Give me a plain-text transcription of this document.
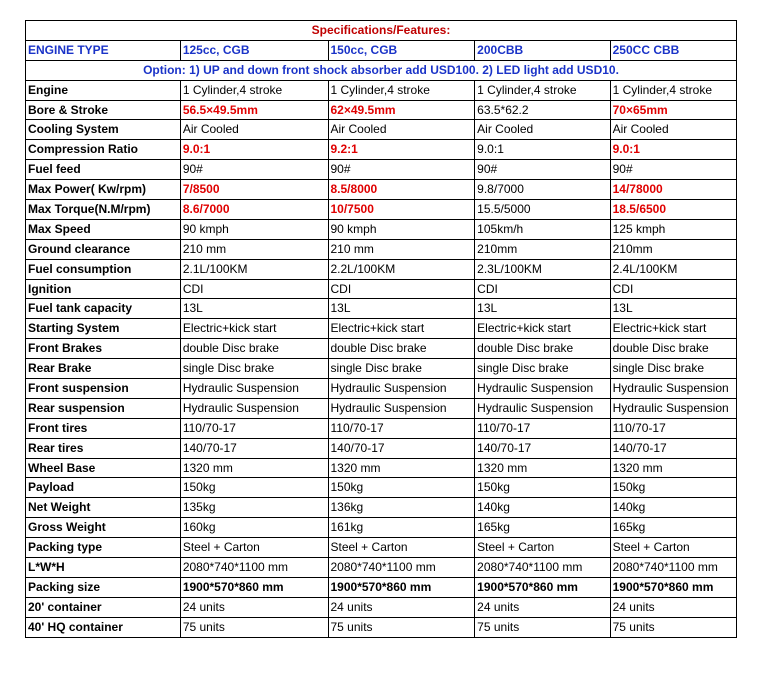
Specifications/Features:				
ENGINE TYPE	125cc, CGB	150cc, CGB	200CBB	250CC CBB
Option: 1) UP and down front shock absorber add USD100. 2) LED light add USD10.				
Engine	1 Cylinder,4 stroke	1 Cylinder,4 stroke	1 Cylinder,4 stroke	1 Cylinder,4 stroke
Bore & Stroke	56.5×49.5mm	62×49.5mm	63.5*62.2	70×65mm
Cooling System	Air Cooled	Air Cooled	Air Cooled	Air Cooled
Compression Ratio	9.0:1	9.2:1	9.0:1	9.0:1
Fuel feed	90#	90#	90#	90#
Max Power( Kw/rpm)	7/8500	8.5/8000	9.8/7000	14/78000
Max Torque(N.M/rpm)	8.6/7000	10/7500	15.5/5000	18.5/6500
Max Speed	90 kmph	90 kmph	105km/h	125 kmph
Ground clearance	210 mm	210 mm	210mm	210mm
Fuel consumption	2.1L/100KM	2.2L/100KM	2.3L/100KM	2.4L/100KM
Ignition	CDI	CDI	CDI	CDI
Fuel tank capacity	13L	13L	13L	13L
Starting System	Electric+kick start	Electric+kick start	Electric+kick start	Electric+kick start
Front Brakes	double Disc brake	double Disc brake	double Disc brake	double Disc brake
Rear Brake	single Disc brake	single Disc brake	single Disc brake	single Disc brake
Front suspension	Hydraulic Suspension	Hydraulic Suspension	Hydraulic Suspension	Hydraulic Suspension
Rear suspension	Hydraulic Suspension	Hydraulic Suspension	Hydraulic Suspension	Hydraulic Suspension
Front tires	110/70-17	110/70-17	110/70-17	110/70-17
Rear tires	140/70-17	140/70-17	140/70-17	140/70-17
Wheel Base	1320 mm	1320 mm	1320 mm	1320 mm
Payload	150kg	150kg	150kg	150kg
Net Weight	135kg	136kg	140kg	140kg
Gross Weight	160kg	161kg	165kg	165kg
Packing type	Steel + Carton	Steel + Carton	Steel + Carton	Steel + Carton
L*W*H	2080*740*1100 mm	2080*740*1100 mm	2080*740*1100 mm	2080*740*1100 mm
Packing size	1900*570*860 mm	1900*570*860 mm	1900*570*860 mm	1900*570*860 mm
20' container	24 units	24 units	24 units	24 units
40' HQ container	75 units	75 units	75 units	75 units
